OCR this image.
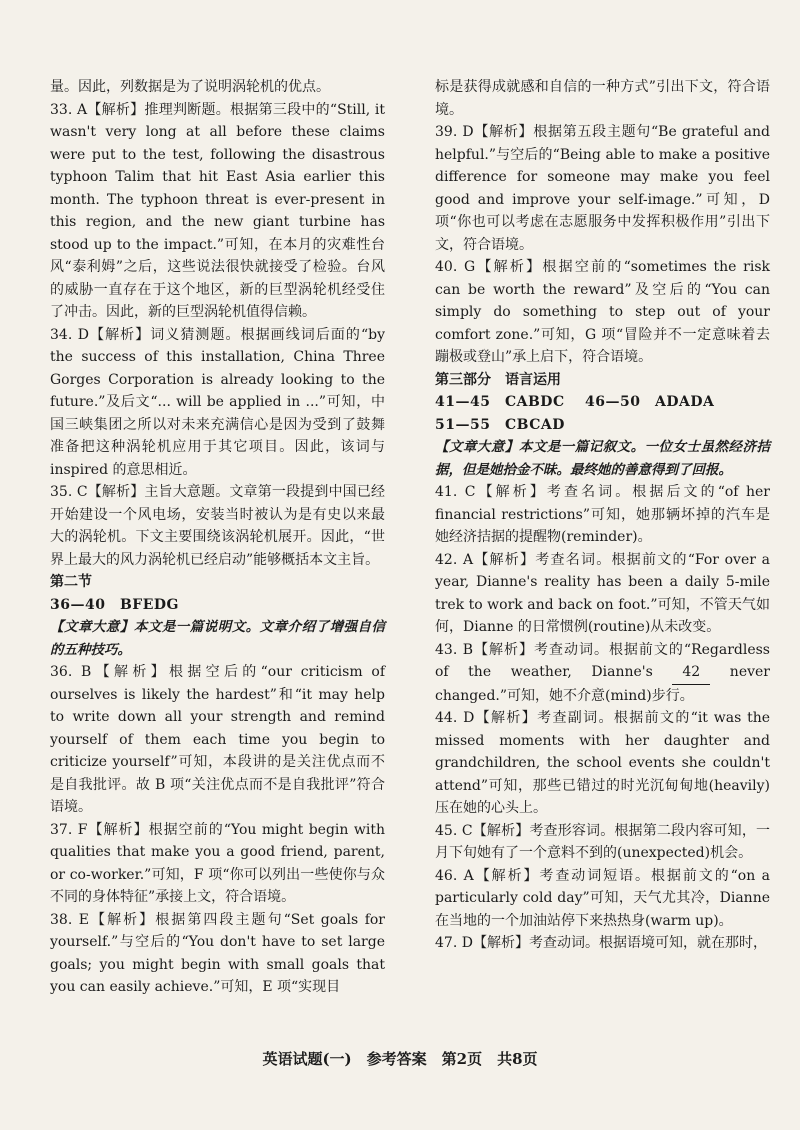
量。因此，列数据是为了说明涡轮机的优点。

33. A【解析】推理判断题。根据第三段中的“Still, it wasn't very long at all before these claims were put to the test, following the disastrous typhoon Talim that hit East Asia earlier this month. The typhoon threat is ever-present in this region, and the new giant turbine has stood up to the impact.”可知，在本月的灾难性台风“泰利姆”之后，这些说法很快就接受了检验。台风的威胁一直存在于这个地区，新的巨型涡轮机经受住了冲击。因此，新的巨型涡轮机值得信赖。

34. D【解析】词义猜测题。根据画线词后面的“by the success of this installation, China Three Gorges Corporation is already looking to the future.”及后文“... will be applied in ...”可知，中国三峡集团之所以对未来充满信心是因为受到了鼓舞准备把这种涡轮机应用于其它项目。因此，该词与 inspired 的意思相近。

35. C【解析】主旨大意题。文章第一段提到中国已经开始建设一个风电场，安装当时被认为是有史以来最大的涡轮机。下文主要围绕该涡轮机展开。因此，“世界上最大的风力涡轮机已经启动”能够概括本文主旨。

第二节

36—40　BFEDG

【文章大意】本文是一篇说明文。文章介绍了增强自信的五种技巧。

36. B【解析】根据空后的“our criticism of ourselves is likely the hardest”和“it may help to write down all your strength and remind yourself of them each time you begin to criticize yourself”可知，本段讲的是关注优点而不是自我批评。故 B 项“关注优点而不是自我批评”符合语境。

37. F【解析】根据空前的“You might begin with qualities that make you a good friend, parent, or co-worker.”可知，F 项“你可以列出一些使你与众不同的身体特征”承接上文，符合语境。

38. E【解析】根据第四段主题句“Set goals for yourself.”与空后的“You don't have to set large goals; you might begin with small goals that you can easily achieve.”可知，E 项“实现目

标是获得成就感和自信的一种方式”引出下文，符合语境。

39. D【解析】根据第五段主题句“Be grateful and helpful.”与空后的“Being able to make a positive difference for someone may make you feel good and improve your self-image.”可知，D 项“你也可以考虑在志愿服务中发挥积极作用”引出下文，符合语境。

40. G【解析】根据空前的“sometimes the risk can be worth the reward”及空后的“You can simply do something to step out of your comfort zone.”可知，G 项“冒险并不一定意味着去蹦极或登山”承上启下，符合语境。

第三部分　语言运用

41—45　CABDC 46—50　ADADA

51—55　CBCAD

【文章大意】本文是一篇记叙文。一位女士虽然经济拮据，但是她拾金不昧。最终她的善意得到了回报。

41. C【解析】考查名词。根据后文的“of her financial restrictions”可知，她那辆坏掉的汽车是她经济拮据的提醒物(reminder)。

42. A【解析】考查名词。根据前文的“For over a year, Dianne's reality has been a daily 5-mile trek to work and back on foot.”可知，不管天气如何，Dianne 的日常惯例(routine)从未改变。

43. B【解析】考查动词。根据前文的“Regardless of the weather, Dianne's 42 never changed.”可知，她不介意(mind)步行。

44. D【解析】考查副词。根据前文的“it was the missed moments with her daughter and grandchildren, the school events she couldn't attend”可知，那些已错过的时光沉甸甸地(heavily)压在她的心头上。

45. C【解析】考查形容词。根据第二段内容可知，一月下旬她有了一个意料不到的(unexpected)机会。

46. A【解析】考查动词短语。根据前文的“on a particularly cold day”可知，天气尤其冷，Dianne 在当地的一个加油站停下来热热身(warm up)。

47. D【解析】考查动词。根据语境可知，就在那时，

英语试题(一)　参考答案　第2页　共8页
